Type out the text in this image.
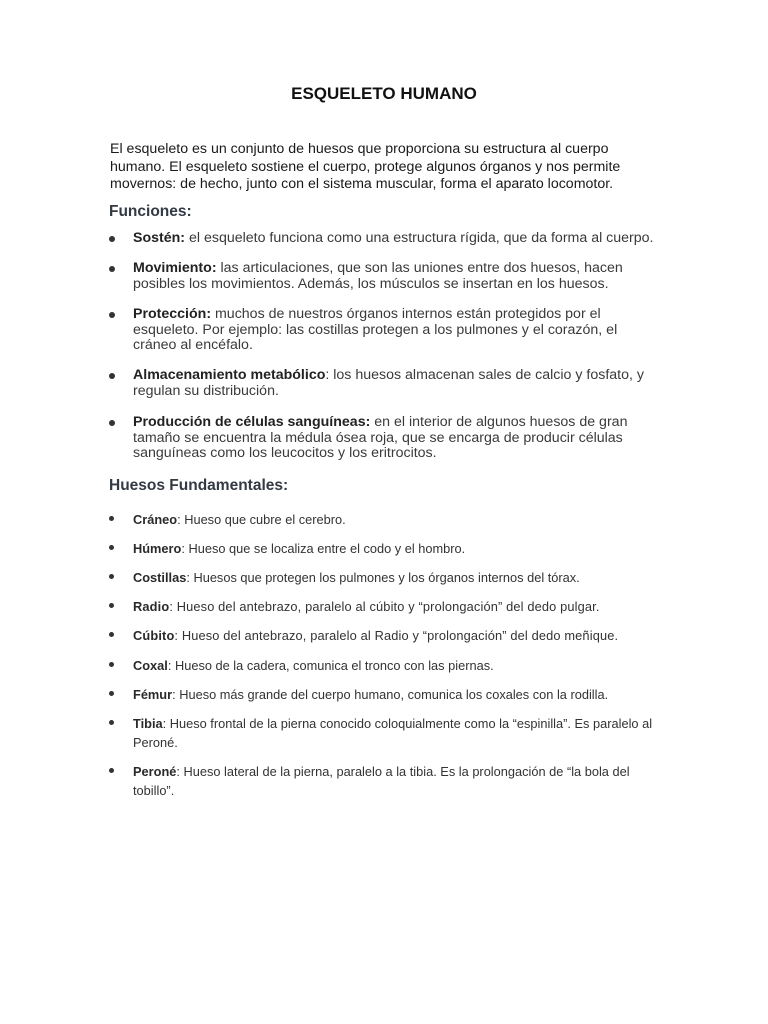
ESQUELETO HUMANO

El esqueleto es un conjunto de huesos que proporciona su estructura al cuerpo humano. El esqueleto sostiene el cuerpo, protege algunos órganos y nos permite movernos: de hecho, junto con el sistema muscular, forma el aparato locomotor.

Funciones:
Sostén: el esqueleto funciona como una estructura rígida, que da forma al cuerpo.
Movimiento: las articulaciones, que son las uniones entre dos huesos, hacen posibles los movimientos. Además, los músculos se insertan en los huesos.
Protección: muchos de nuestros órganos internos están protegidos por el esqueleto. Por ejemplo: las costillas protegen a los pulmones y el corazón, el cráneo al encéfalo.
Almacenamiento metabólico: los huesos almacenan sales de calcio y fosfato, y regulan su distribución.
Producción de células sanguíneas: en el interior de algunos huesos de gran tamaño se encuentra la médula ósea roja, que se encarga de producir células sanguíneas como los leucocitos y los eritrocitos.
Huesos Fundamentales:
Cráneo: Hueso que cubre el cerebro.
Húmero: Hueso que se localiza entre el codo y el hombro.
Costillas: Huesos que protegen los pulmones y los órganos internos del tórax.
Radio: Hueso del antebrazo, paralelo al cúbito y “prolongación” del dedo pulgar.
Cúbito: Hueso del antebrazo, paralelo al Radio y “prolongación” del dedo meñique.
Coxal: Hueso de la cadera, comunica el tronco con las piernas.
Fémur: Hueso más grande del cuerpo humano, comunica los coxales con la rodilla.
Tibia: Hueso frontal de la pierna conocido coloquialmente como la “espinilla”. Es paralelo al Peroné.
Peroné: Hueso lateral de la pierna, paralelo a la tibia. Es la prolongación de “la bola del tobillo”.
